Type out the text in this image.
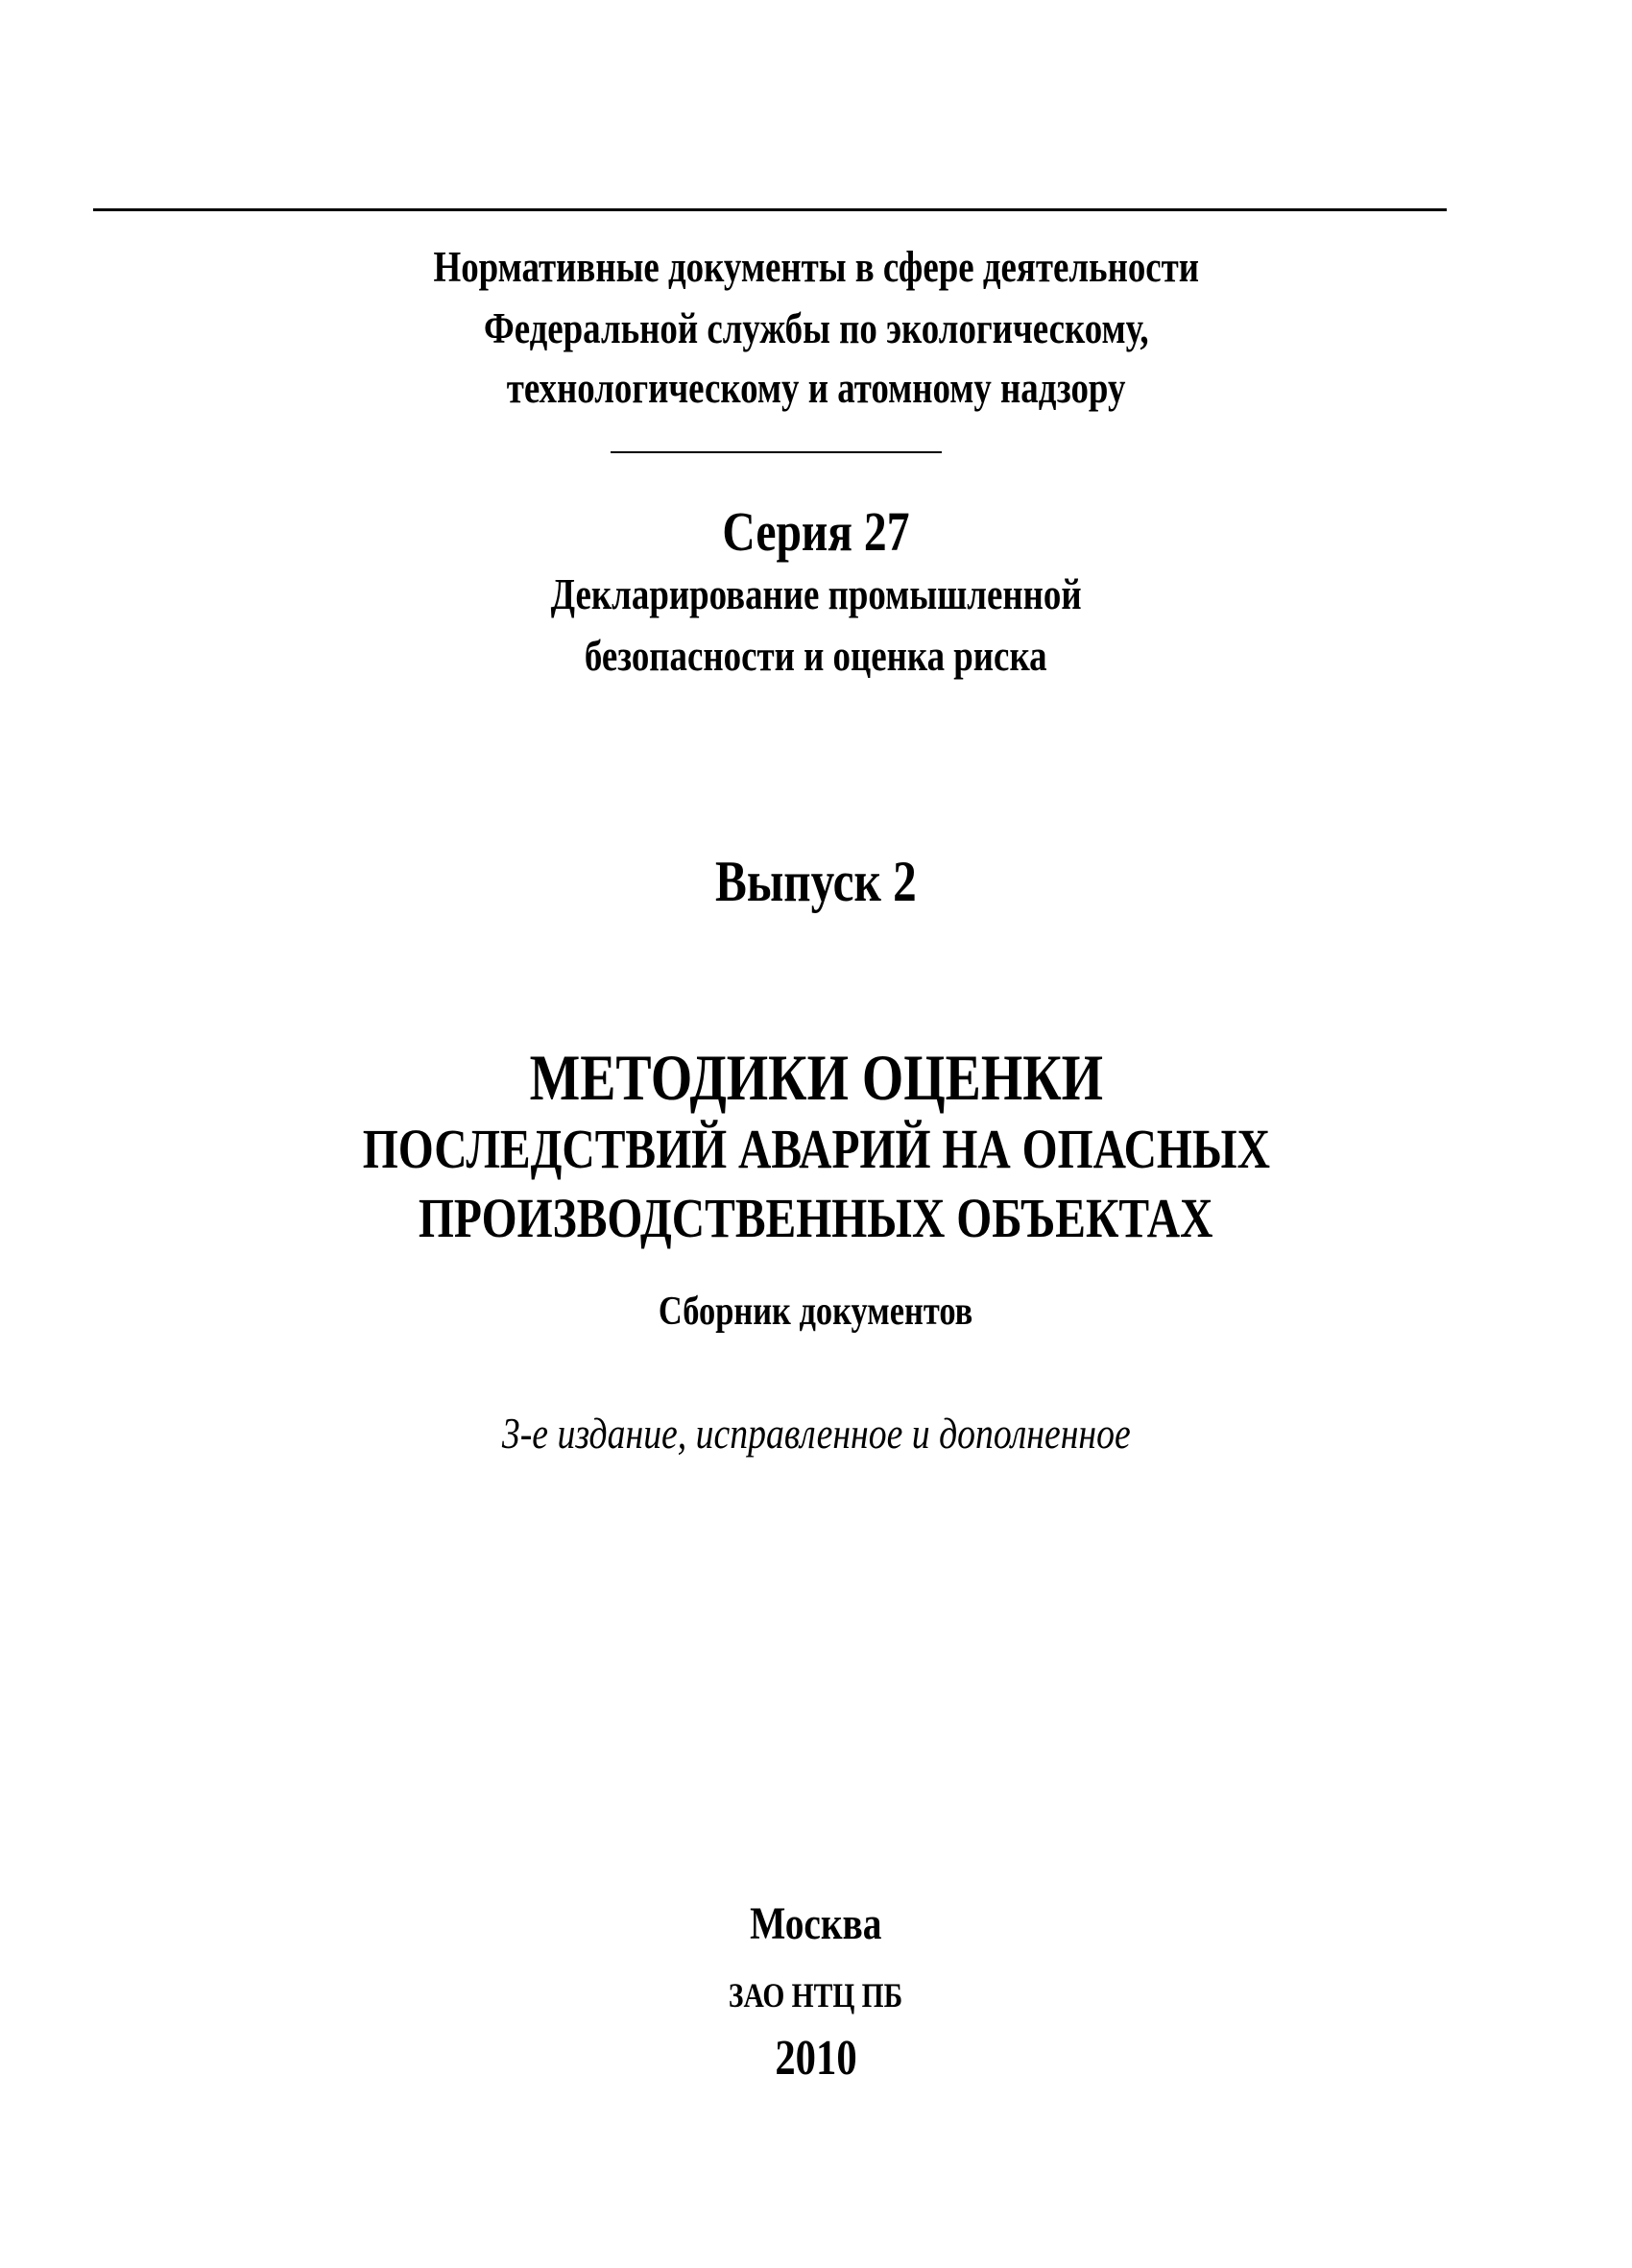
Нормативные документы в сфере деятельности
Федеральной службы по экологическому,
технологическому и атомному надзору
Серия 27
Декларирование промышленной
безопасности и оценка риска
Выпуск 2
МЕТОДИКИ ОЦЕНКИ
ПОСЛЕДСТВИЙ АВАРИЙ НА ОПАСНЫХ
ПРОИЗВОДСТВЕННЫХ ОБЪЕКТАХ
Сборник документов
3-е издание, исправленное и дополненное
Москва
ЗАО НТЦ ПБ
2010
